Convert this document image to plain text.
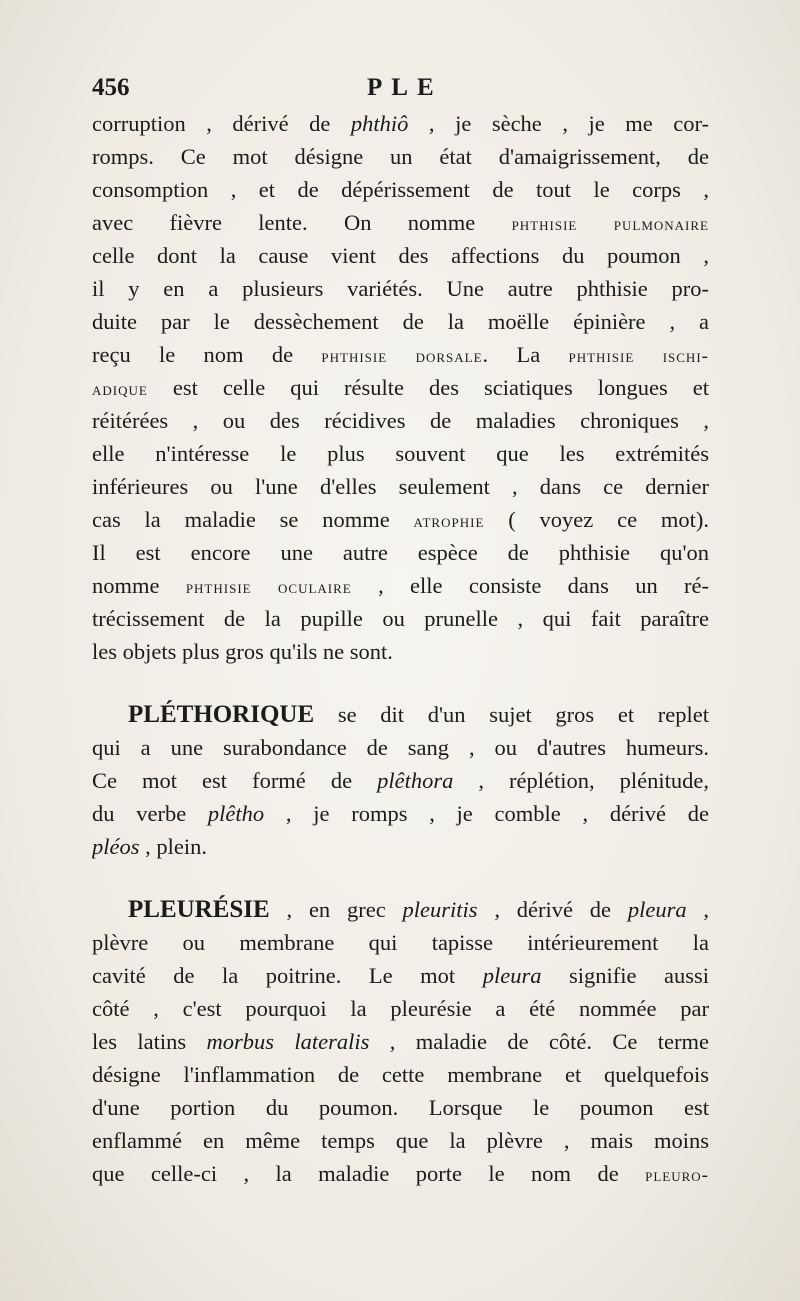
456	PLE
corruption , dérivé de phthiô , je sèche , je me cor-
romps. Ce mot désigne un état d'amaigrissement, de
consomption , et de dépérissement de tout le corps ,
avec fièvre lente. On nomme phthisie pulmonaire
celle dont la cause vient des affections du poumon ,
il y en a plusieurs variétés. Une autre phthisie pro-
duite par le dessèchement de la moëlle épinière , a
reçu le nom de phthisie dorsale. La phthisie ischi-
adique est celle qui résulte des sciatiques longues et
réitérées , ou des récidives de maladies chroniques ,
elle n'intéresse le plus souvent que les extrémités
inférieures ou l'une d'elles seulement , dans ce dernier
cas la maladie se nomme atrophie ( voyez ce mot).
Il est encore une autre espèce de phthisie qu'on
nomme phthisie oculaire , elle consiste dans un ré-
trécissement de la pupille ou prunelle , qui fait paraître
les objets plus gros qu'ils ne sont.
PLÉTHORIQUE se dit d'un sujet gros et replet
qui a une surabondance de sang , ou d'autres humeurs.
Ce mot est formé de plêthora , réplétion, plénitude,
du verbe plêtho , je romps , je comble , dérivé de
pléos , plein.
PLEURÉSIE , en grec pleuritis , dérivé de pleura ,
plèvre ou membrane qui tapisse intérieurement la
cavité de la poitrine. Le mot pleura signifie aussi
côté , c'est pourquoi la pleurésie a été nommée par
les latins morbus lateralis , maladie de côté. Ce terme
désigne l'inflammation de cette membrane et quelquefois
d'une portion du poumon. Lorsque le poumon est
enflammé en même temps que la plèvre , mais moins
que celle-ci , la maladie porte le nom de pleuro-
